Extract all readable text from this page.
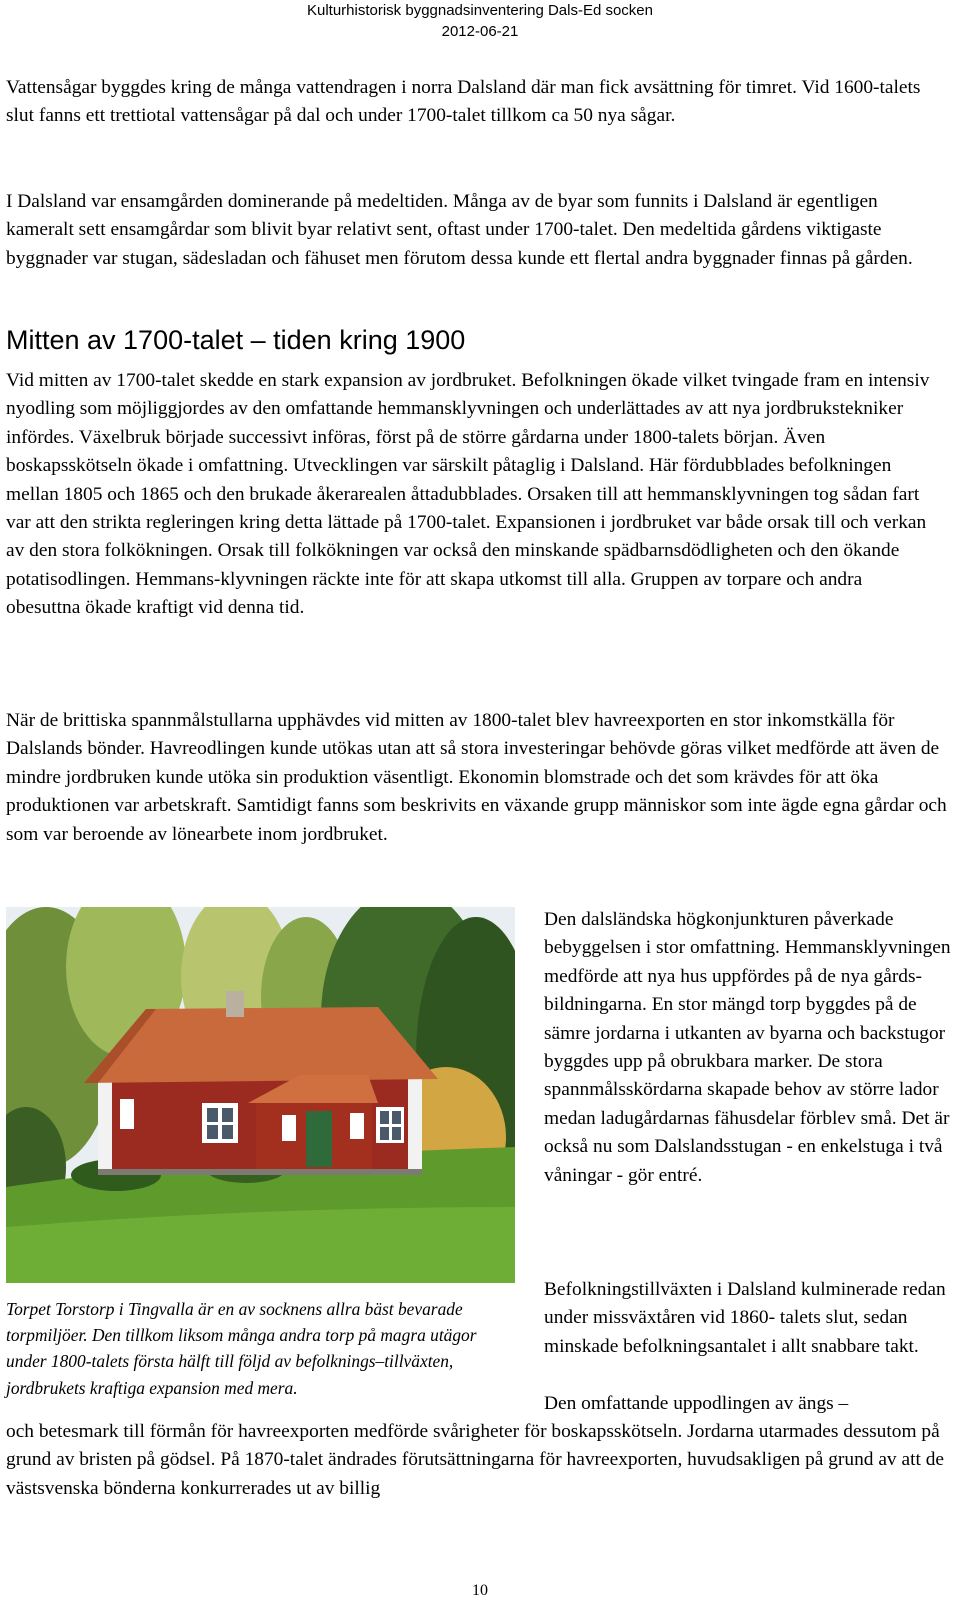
Kulturhistorisk byggnadsinventering Dals-Ed socken
2012-06-21

Vattensågar byggdes kring de många vattendragen i norra Dalsland där man fick avsättning för timret. Vid 1600-talets slut fanns ett trettiotal vattensågar på dal och under 1700-talet tillkom ca 50 nya sågar.

I Dalsland var ensamgården dominerande på medeltiden. Många av de byar som funnits i Dalsland är egentligen kameralt sett ensamgårdar som blivit byar relativt sent, oftast under 1700-talet. Den medeltida gårdens viktigaste byggnader var stugan, sädesladan och fähuset men förutom dessa kunde ett flertal andra byggnader finnas på gården.

Mitten av 1700-talet – tiden kring 1900

Vid mitten av 1700-talet skedde en stark expansion av jordbruket. Befolkningen ökade vilket tvingade fram en intensiv nyodling som möjliggjordes av den omfattande hemmansklyvningen och underlättades av att nya jordbrukstekniker infördes. Växelbruk började successivt införas, först på de större gårdarna under 1800-talets början. Även boskapsskötseln ökade i omfattning. Utvecklingen var särskilt påtaglig i Dalsland. Här fördubblades befolkningen mellan 1805 och 1865 och den brukade åkerarealen åttadubblades. Orsaken till att hemmansklyvningen tog sådan fart var att den strikta regleringen kring detta lättade på 1700-talet. Expansionen i jordbruket var både orsak till och verkan av den stora folkökningen. Orsak till folkökningen var också den minskande spädbarnsdödligheten och den ökande potatisodlingen. Hemmans-klyvningen räckte inte för att skapa utkomst till alla. Gruppen av torpare och andra obesuttna ökade kraftigt vid denna tid.

När de brittiska spannmålstullarna upphävdes vid mitten av 1800-talet blev havreexporten en stor inkomstkälla för Dalslands bönder. Havreodlingen kunde utökas utan att så stora investeringar behövde göras vilket medförde att även de mindre jordbruken kunde utöka sin produktion väsentligt. Ekonomin blomstrade och det som krävdes för att öka produktionen var arbetskraft. Samtidigt fanns som beskrivits en växande grupp människor som inte ägde egna gårdar och som var beroende av lönearbete inom jordbruket.

Torpet Torstorp i Tingvalla är en av socknens allra bäst bevarade torpmiljöer. Den tillkom liksom många andra torp på magra utägor under 1800-talets första hälft till följd av befolknings–tillväxten, jordbrukets kraftiga expansion med mera.

Den dalsländska högkonjunkturen påverkade bebyggelsen i stor omfattning. Hemmansklyvningen medförde att nya hus uppfördes på de nya gårds-bildningarna. En stor mängd torp byggdes på de sämre jordarna i utkanten av byarna och backstugor byggdes upp på obrukbara marker. De stora spannmålsskördarna skapade behov av större lador medan ladugårdarnas fähusdelar förblev små. Det är också nu som Dalslandsstugan - en enkelstuga i två våningar - gör entré.

Befolkningstillväxten i Dalsland kulminerade redan under missväxtåren vid 1860- talets slut, sedan minskade befolkningsantalet i allt snabbare takt.

Den omfattande uppodlingen av ängs –

och betesmark till förmån för havreexporten medförde svårigheter för boskapsskötseln. Jordarna utarmades dessutom på grund av bristen på gödsel. På 1870-talet ändrades förutsättningarna för havreexporten, huvudsakligen på grund av att de västsvenska bönderna konkurrerades ut av billig

10
